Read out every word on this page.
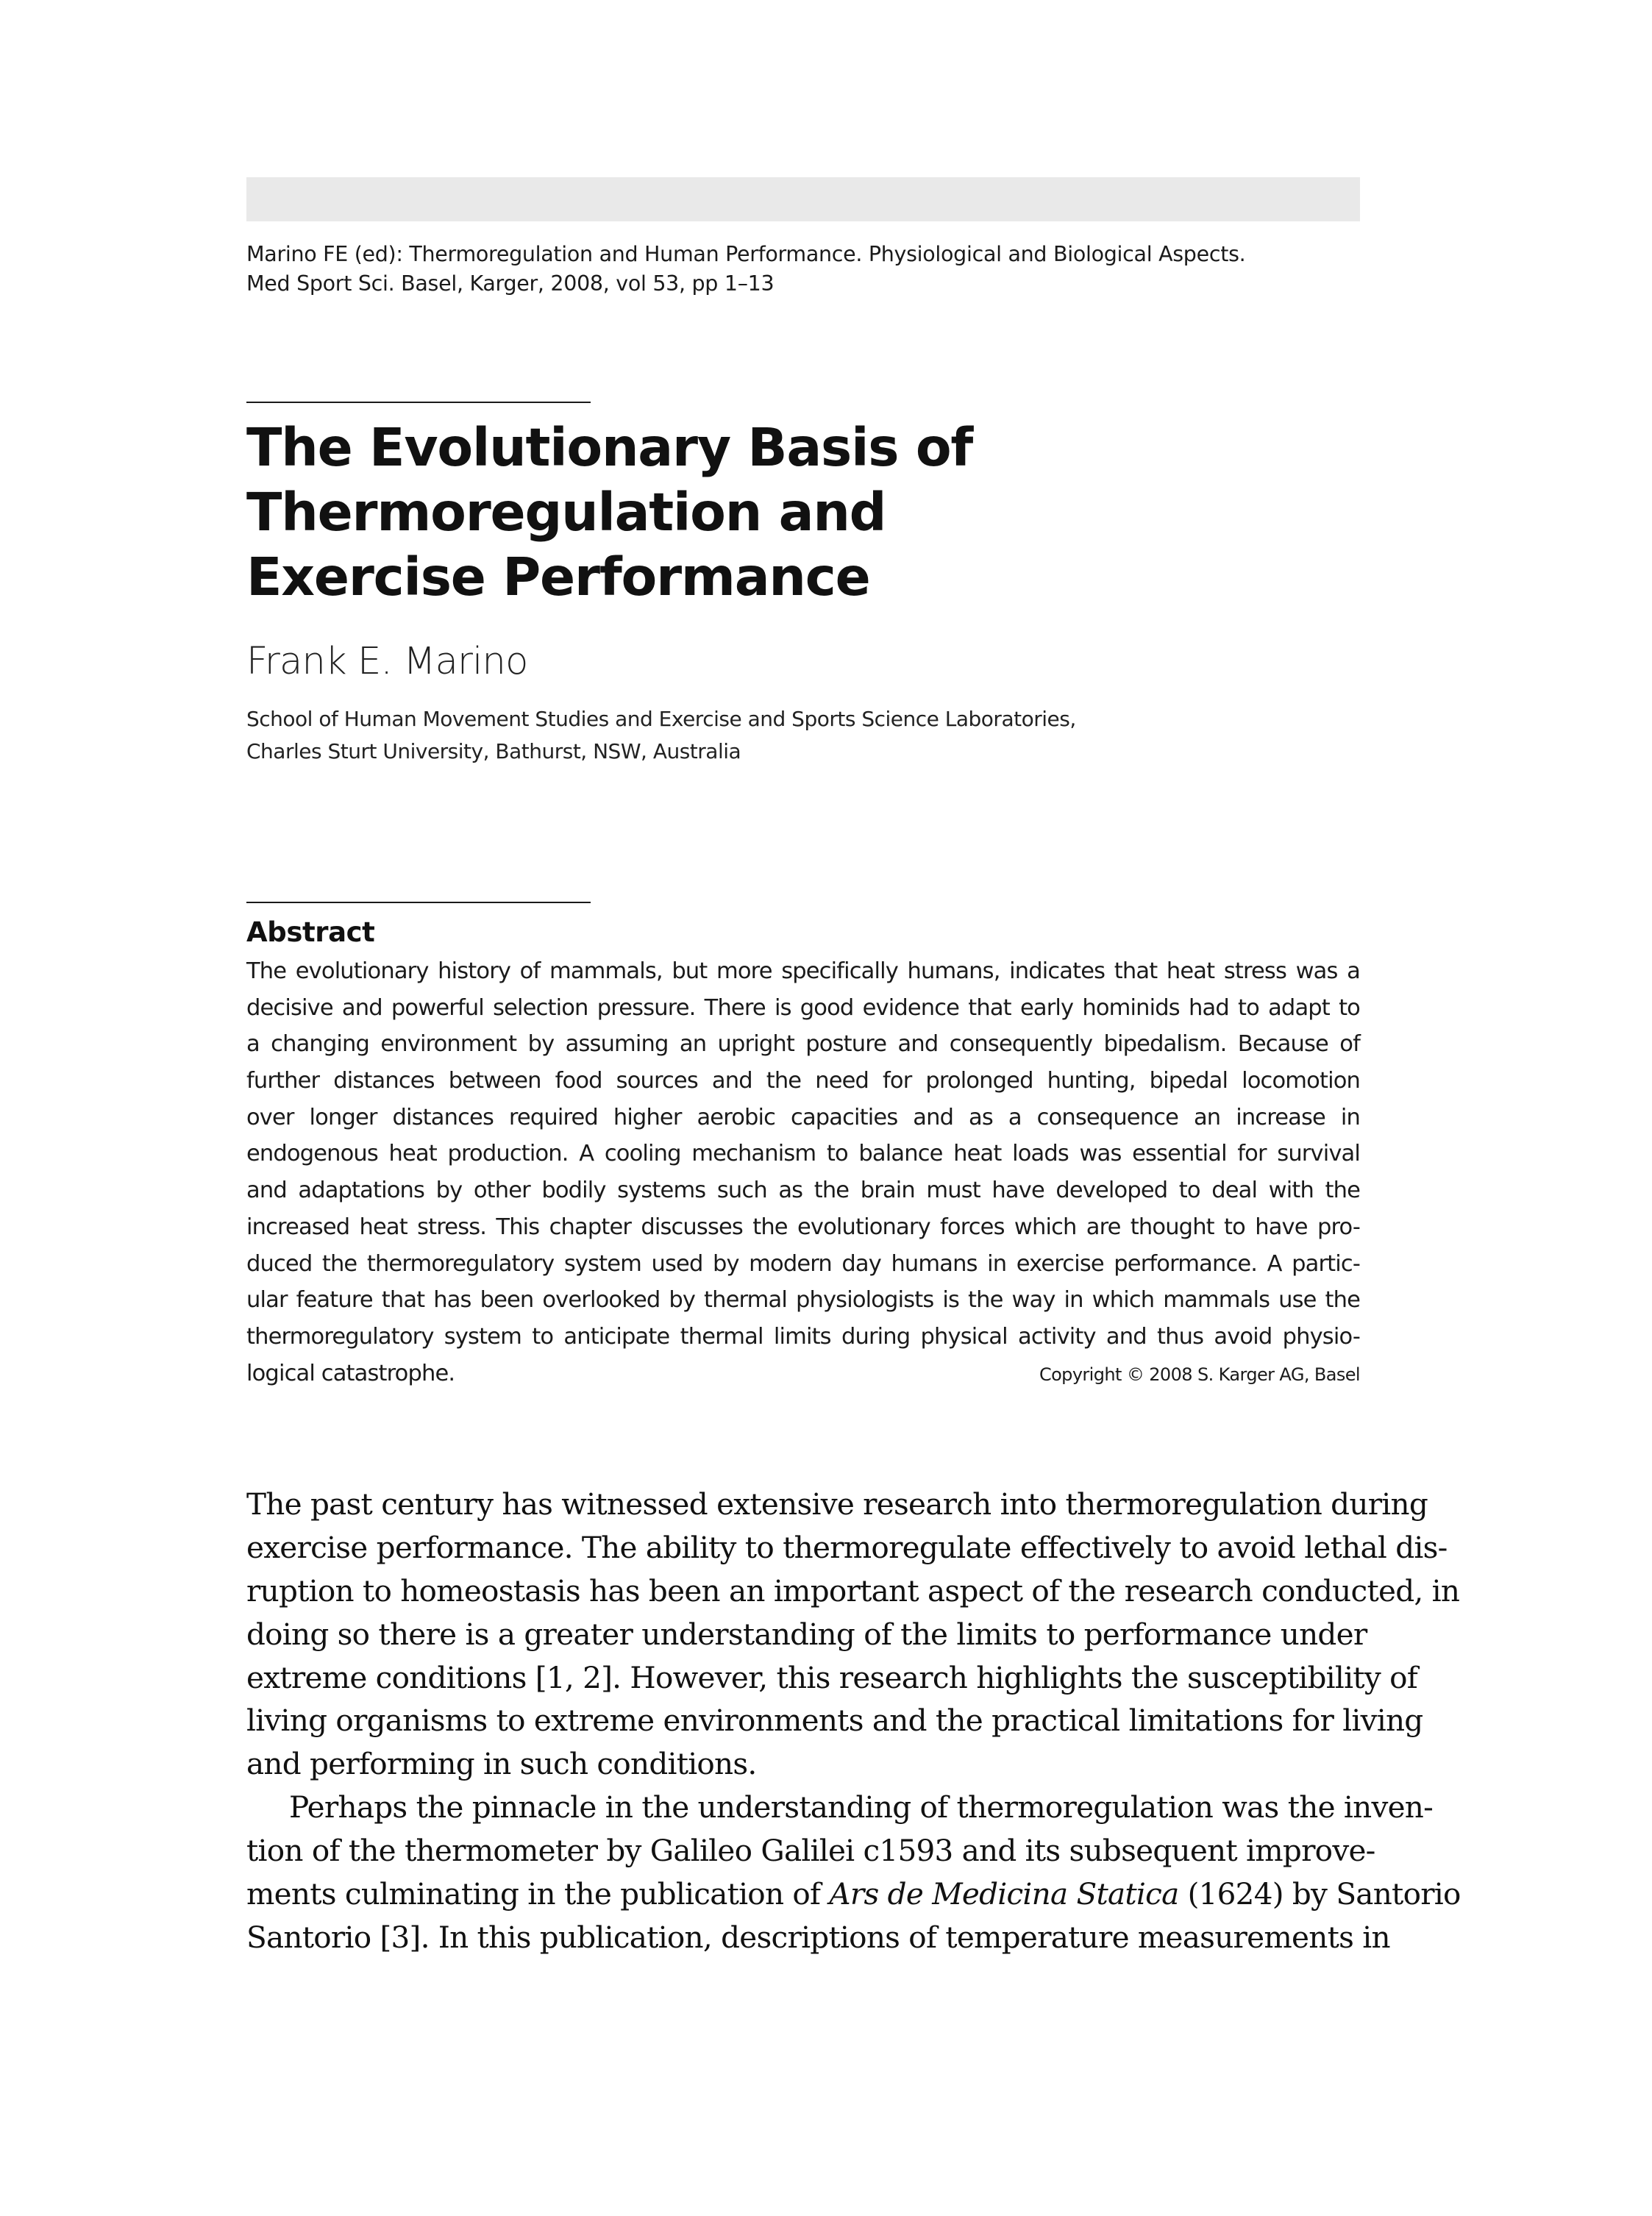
Marino FE (ed): Thermoregulation and Human Performance. Physiological and Biological Aspects.
Med Sport Sci. Basel, Karger, 2008, vol 53, pp 1–13
The Evolutionary Basis of
Thermoregulation and
Exercise Performance
Frank E. Marino
School of Human Movement Studies and Exercise and Sports Science Laboratories,
Charles Sturt University, Bathurst, NSW, Australia
Abstract
The evolutionary history of mammals, but more specifically humans, indicates that heat stress was a
decisive and powerful selection pressure. There is good evidence that early hominids had to adapt to
a changing environment by assuming an upright posture and consequently bipedalism. Because of
further distances between food sources and the need for prolonged hunting, bipedal locomotion
over longer distances required higher aerobic capacities and as a consequence an increase in
endogenous heat production. A cooling mechanism to balance heat loads was essential for survival
and adaptations by other bodily systems such as the brain must have developed to deal with the
increased heat stress. This chapter discusses the evolutionary forces which are thought to have pro-
duced the thermoregulatory system used by modern day humans in exercise performance. A partic-
ular feature that has been overlooked by thermal physiologists is the way in which mammals use the
thermoregulatory system to anticipate thermal limits during physical activity and thus avoid physio-
logical catastrophe.	Copyright © 2008 S. Karger AG, Basel
The past century has witnessed extensive research into thermoregulation during
exercise performance. The ability to thermoregulate effectively to avoid lethal dis-
ruption to homeostasis has been an important aspect of the research conducted, in
doing so there is a greater understanding of the limits to performance under
extreme conditions [1, 2]. However, this research highlights the susceptibility of
living organisms to extreme environments and the practical limitations for living
and performing in such conditions.
Perhaps the pinnacle in the understanding of thermoregulation was the inven-
tion of the thermometer by Galileo Galilei c1593 and its subsequent improve-
ments culminating in the publication of Ars de Medicina Statica (1624) by Santorio
Santorio [3]. In this publication, descriptions of temperature measurements in
